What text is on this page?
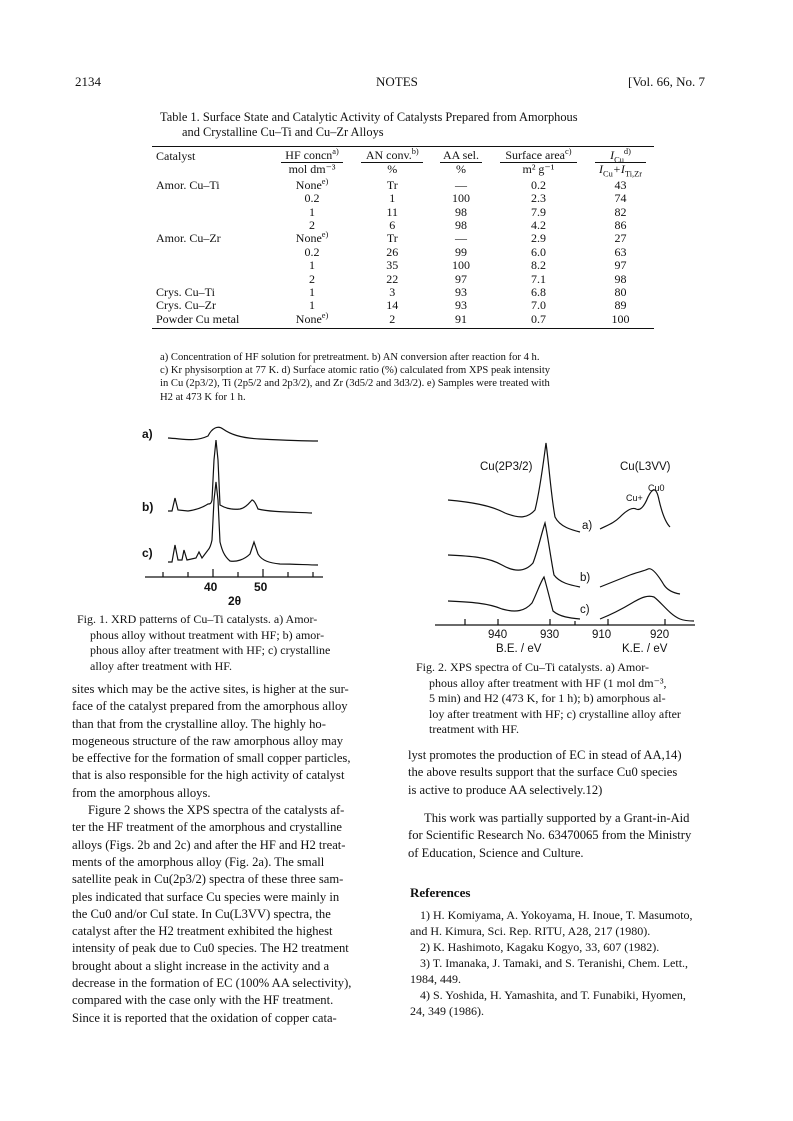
2134	NOTES	[Vol. 66, No. 7
Table 1. Surface State and Catalytic Activity of Catalysts Prepared from Amorphous
and Crystalline Cu–Ti and Cu–Zr Alloys
Catalyst	HF concn$^{a)}$	AN conv.$^{b)}$	AA sel.	Surface area$^{c)}$	$I_{Cu}^{d)}$
	mol dm⁻³	%	%	m² g⁻¹	$I_{Cu}+I_{Ti,Zr}$
Amor. Cu–Ti	None$^{e)}$	Tr	—	0.2	43
	0.2	1	100	2.3	74
	1	11	98	7.9	82
	2	6	98	4.2	86
Amor. Cu–Zr	None$^{e)}$	Tr	—	2.9	27
	0.2	26	99	6.0	63
	1	35	100	8.2	97
	2	22	97	7.1	98
Crys. Cu–Ti	1	3	93	6.8	80
Crys. Cu–Zr	1	14	93	7.0	89
Powder Cu metal	None$^{e)}$	2	91	0.7	100
a) Concentration of HF solution for pretreatment. b) AN conversion after reaction for 4 h.
c) Kr physisorption at 77 K. d) Surface atomic ratio (%) calculated from XPS peak intensity
in Cu (2p3/2), Ti (2p5/2 and 2p3/2), and Zr (3d5/2 and 3d3/2). e) Samples were treated with
H2 at 473 K for 1 h.
a)
b)
c)
40	50
2θ
Fig. 1. XRD patterns of Cu–Ti catalysts. a) Amor-
phous alloy without treatment with HF; b) amor-
phous alloy after treatment with HF; c) crystalline
alloy after treatment with HF.
Cu(2P3/2)	Cu(L3VV)
Cu0
Cu+
a)
b)
c)
940	930	910	920
B.E. / eV	K.E. / eV
Fig. 2. XPS spectra of Cu–Ti catalysts. a) Amor-
phous alloy after treatment with HF (1 mol dm⁻³,
5 min) and H2 (473 K, for 1 h); b) amorphous al-
loy after treatment with HF; c) crystalline alloy after
treatment with HF.
sites which may be the active sites, is higher at the sur-
face of the catalyst prepared from the amorphous alloy
than that from the crystalline alloy. The highly ho-
mogeneous structure of the raw amorphous alloy may
be effective for the formation of small copper particles,
that is also responsible for the high activity of catalyst
from the amorphous alloys.
Figure 2 shows the XPS spectra of the catalysts af-
ter the HF treatment of the amorphous and crystalline
alloys (Figs. 2b and 2c) and after the HF and H2 treat-
ments of the amorphous alloy (Fig. 2a). The small
satellite peak in Cu(2p3/2) spectra of these three sam-
ples indicated that surface Cu species were mainly in
the Cu0 and/or CuI state. In Cu(L3VV) spectra, the
catalyst after the H2 treatment exhibited the highest
intensity of peak due to Cu0 species. The H2 treatment
brought about a slight increase in the activity and a
decrease in the formation of EC (100% AA selectivity),
compared with the case only with the HF treatment.
Since it is reported that the oxidation of copper cata-
lyst promotes the production of EC in stead of AA,14)
the above results support that the surface Cu0 species
is active to produce AA selectively.12)
This work was partially supported by a Grant-in-Aid
for Scientific Research No. 63470065 from the Ministry
of Education, Science and Culture.
References
1) H. Komiyama, A. Yokoyama, H. Inoue, T. Masumoto,
and H. Kimura, Sci. Rep. RITU, A28, 217 (1980).
2) K. Hashimoto, Kagaku Kogyo, 33, 607 (1982).
3) T. Imanaka, J. Tamaki, and S. Teranishi, Chem. Lett.,
1984, 449.
4) S. Yoshida, H. Yamashita, and T. Funabiki, Hyomen,
24, 349 (1986).
